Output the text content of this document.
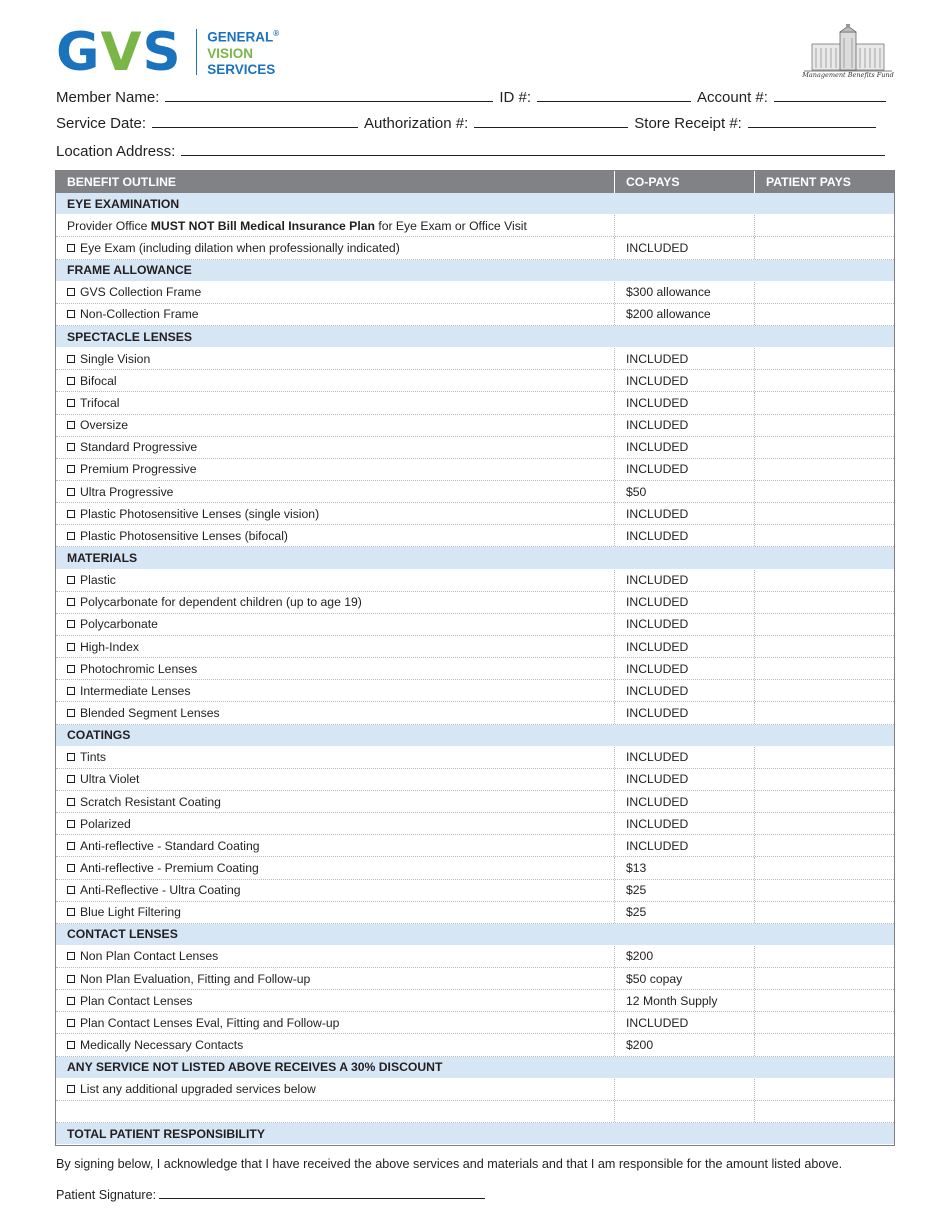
GVS GENERAL®
VISION
SERVICES	Management Benefits Fund
Member Name:	ID #:	Account #:
Service Date:	Authorization #:	Store Receipt #:
Location Address:
BENEFIT OUTLINE	CO-PAYS	PATIENT PAYS
EYE EXAMINATION
Provider Office MUST NOT Bill Medical Insurance Plan for Eye Exam or Office Visit
Eye Exam (including dilation when professionally indicated)	INCLUDED
FRAME ALLOWANCE
GVS Collection Frame	$300 allowance
Non-Collection Frame	$200 allowance
SPECTACLE LENSES
Single Vision	INCLUDED
Bifocal	INCLUDED
Trifocal	INCLUDED
Oversize	INCLUDED
Standard Progressive	INCLUDED
Premium Progressive	INCLUDED
Ultra Progressive	$50
Plastic Photosensitive Lenses (single vision)	INCLUDED
Plastic Photosensitive Lenses (bifocal)	INCLUDED
MATERIALS
Plastic	INCLUDED
Polycarbonate for dependent children (up to age 19)	INCLUDED
Polycarbonate	INCLUDED
High-Index	INCLUDED
Photochromic Lenses	INCLUDED
Intermediate Lenses	INCLUDED
Blended Segment Lenses	INCLUDED
COATINGS
Tints	INCLUDED
Ultra Violet	INCLUDED
Scratch Resistant Coating	INCLUDED
Polarized	INCLUDED
Anti-reflective - Standard Coating	INCLUDED
Anti-reflective - Premium Coating	$13
Anti-Reflective - Ultra Coating	$25
Blue Light Filtering	$25
CONTACT LENSES
Non Plan Contact Lenses	$200
Non Plan Evaluation, Fitting and Follow-up	$50 copay
Plan Contact Lenses	12 Month Supply
Plan Contact Lenses Eval, Fitting and Follow-up	INCLUDED
Medically Necessary Contacts	$200
ANY SERVICE NOT LISTED ABOVE RECEIVES A 30% DISCOUNT
List any additional upgraded services below
TOTAL PATIENT RESPONSIBILITY
By signing below, I acknowledge that I have received the above services and materials and that I am responsible for the amount listed above.
Patient Signature:
